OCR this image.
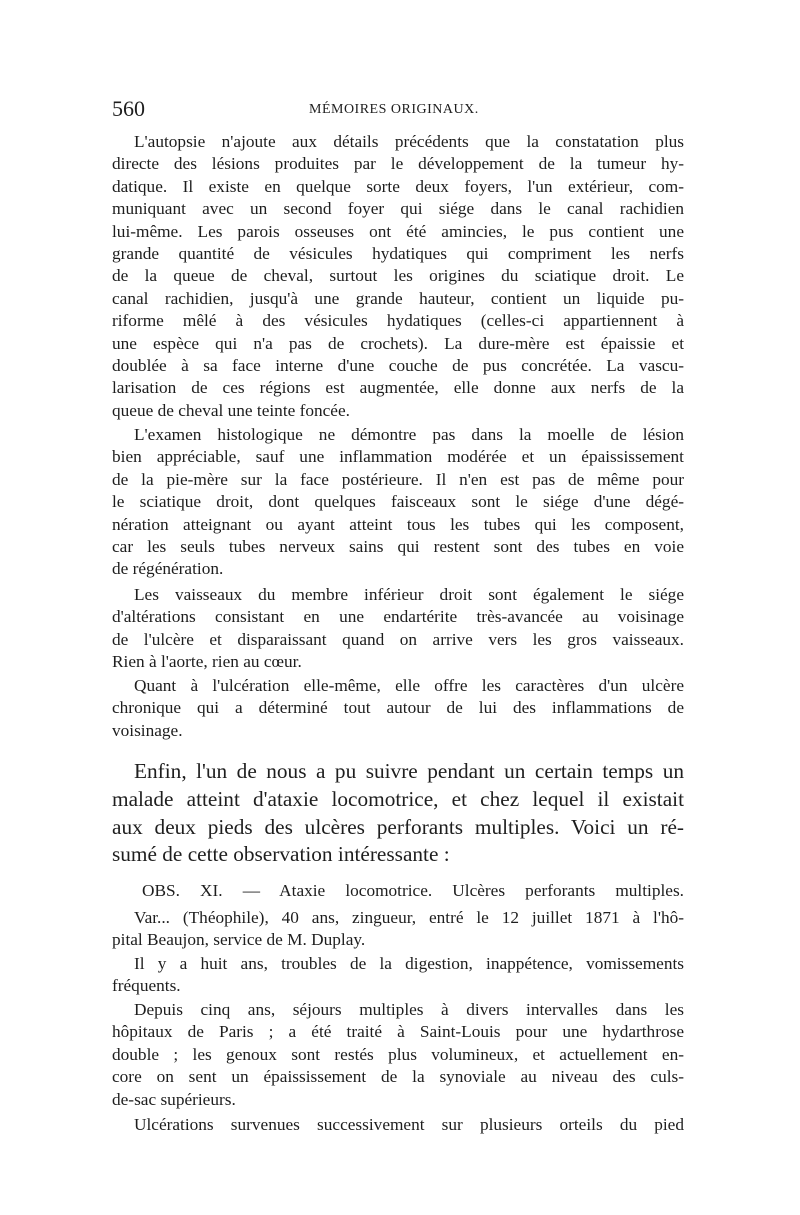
560	MÉMOIRES ORIGINAUX.

L'autopsie n'ajoute aux détails précédents que la constatation plus

directe des lésions produites par le développement de la tumeur hy-

datique. Il existe en quelque sorte deux foyers, l'un extérieur, com-

muniquant avec un second foyer qui siége dans le canal rachidien

lui-même. Les parois osseuses ont été amincies, le pus contient une

grande quantité de vésicules hydatiques qui compriment les nerfs

de la queue de cheval, surtout les origines du sciatique droit. Le

canal rachidien, jusqu'à une grande hauteur, contient un liquide pu-

riforme mêlé à des vésicules hydatiques (celles-ci appartiennent à

une espèce qui n'a pas de crochets). La dure-mère est épaissie et

doublée à sa face interne d'une couche de pus concrétée. La vascu-

larisation de ces régions est augmentée, elle donne aux nerfs de la

queue de cheval une teinte foncée.

L'examen histologique ne démontre pas dans la moelle de lésion

bien appréciable, sauf une inflammation modérée et un épaississement

de la pie-mère sur la face postérieure. Il n'en est pas de même pour

le sciatique droit, dont quelques faisceaux sont le siége d'une dégé-

nération atteignant ou ayant atteint tous les tubes qui les composent,

car les seuls tubes nerveux sains qui restent sont des tubes en voie

de régénération.

Les vaisseaux du membre inférieur droit sont également le siége

d'altérations consistant en une endartérite très-avancée au voisinage

de l'ulcère et disparaissant quand on arrive vers les gros vaisseaux.

Rien à l'aorte, rien au cœur.

Quant à l'ulcération elle-même, elle offre les caractères d'un ulcère

chronique qui a déterminé tout autour de lui des inflammations de

voisinage.

Enfin, l'un de nous a pu suivre pendant un certain temps un

malade atteint d'ataxie locomotrice, et chez lequel il existait

aux deux pieds des ulcères perforants multiples. Voici un ré-

sumé de cette observation intéressante :

OBS. XI. — Ataxie locomotrice. Ulcères perforants multiples.

Var... (Théophile), 40 ans, zingueur, entré le 12 juillet 1871 à l'hô-

pital Beaujon, service de M. Duplay.

Il y a huit ans, troubles de la digestion, inappétence, vomissements

fréquents.

Depuis cinq ans, séjours multiples à divers intervalles dans les

hôpitaux de Paris ; a été traité à Saint-Louis pour une hydarthrose

double ; les genoux sont restés plus volumineux, et actuellement en-

core on sent un épaississement de la synoviale au niveau des culs-

de-sac supérieurs.

Ulcérations survenues successivement sur plusieurs orteils du pied
